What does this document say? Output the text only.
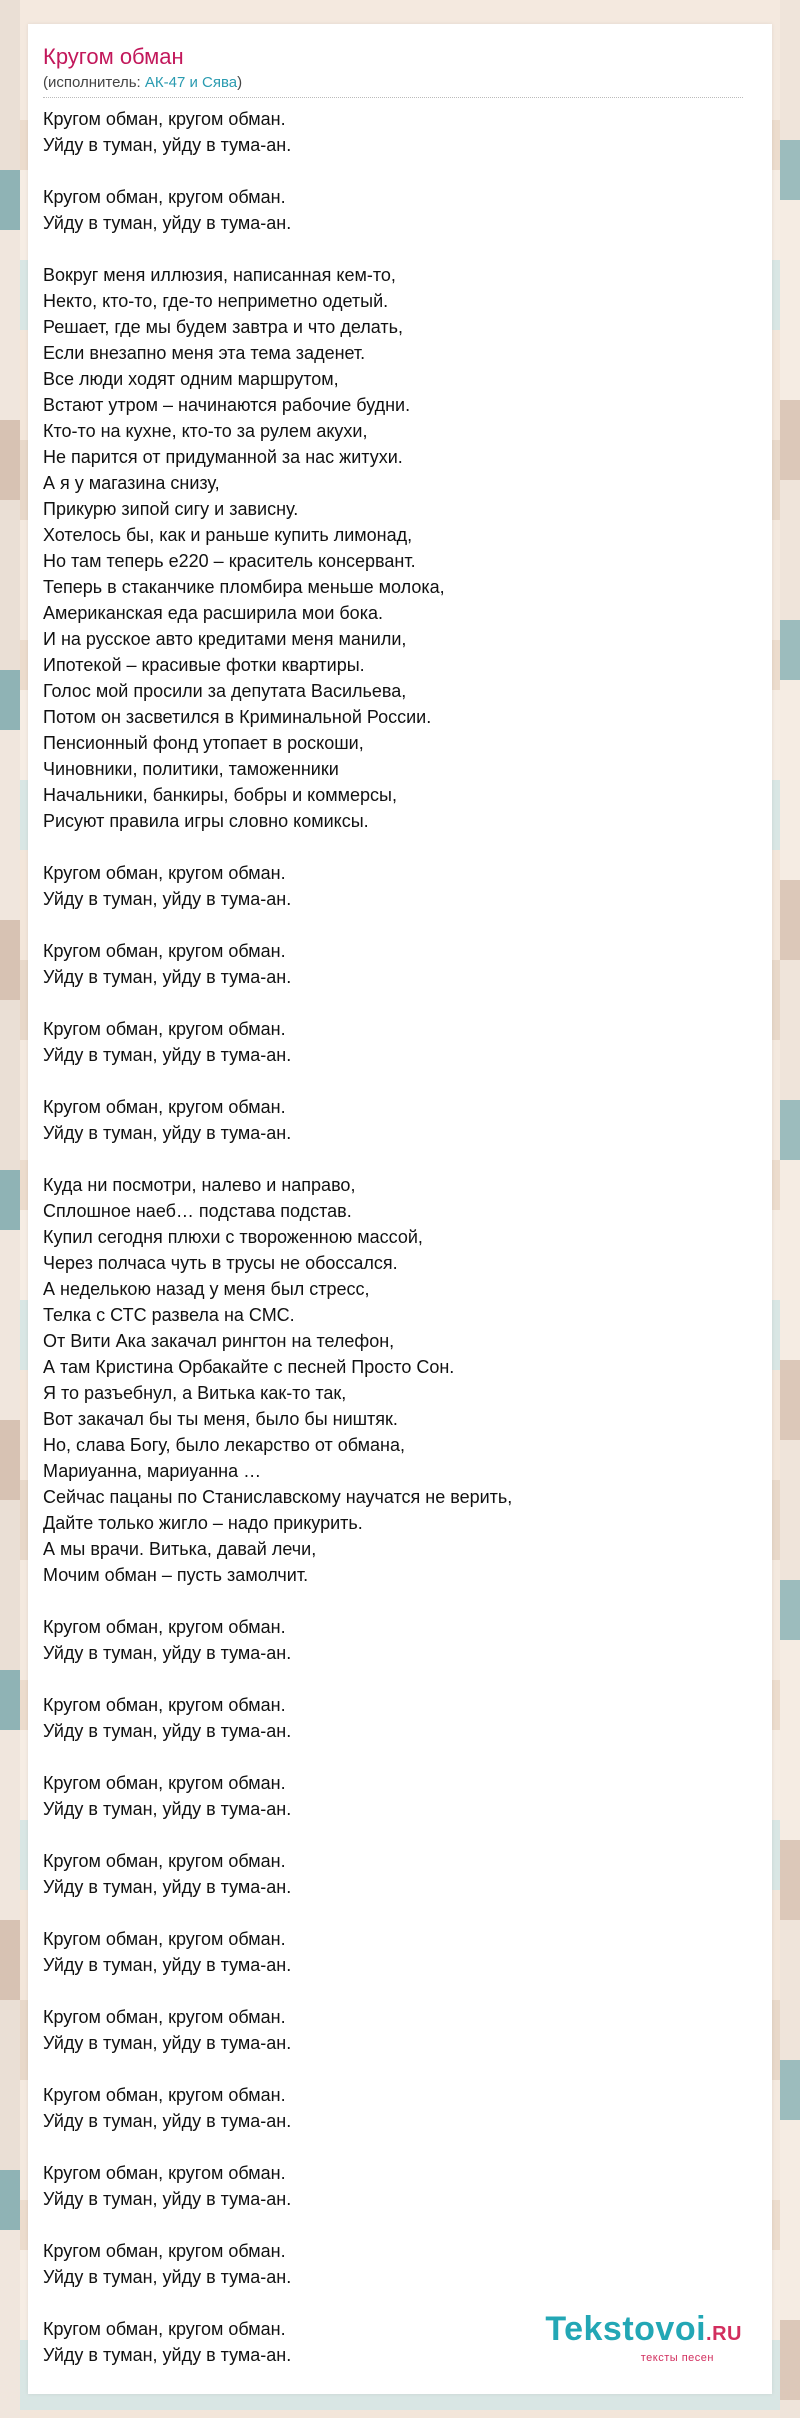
Кругом обман
(исполнитель: АК-47 и Сява)
Кругом обман, кругом обман.
Уйду в туман, уйду в тума-ан.
Кругом обман, кругом обман.
Уйду в туман, уйду в тума-ан.
Вокруг меня иллюзия, написанная кем-то,
Некто, кто-то, где-то неприметно одетый.
Решает, где мы будем завтра и что делать,
Если внезапно меня эта тема заденет.
Все люди ходят одним маршрутом,
Встают утром – начинаются рабочие будни.
Кто-то на кухне, кто-то за рулем акухи,
Не парится от придуманной за нас житухи.
А я у магазина снизу,
Прикурю зипой сигу и зависну.
Хотелось бы, как и раньше купить лимонад,
Но там теперь е220 – краситель консервант.
Теперь в стаканчике пломбира меньше молока,
Американская еда расширила мои бока.
И на русское авто кредитами меня манили,
Ипотекой – красивые фотки квартиры.
Голос мой просили за депутата Васильева,
Потом он засветился в Криминальной России.
Пенсионный фонд утопает в роскоши,
Чиновники, политики, таможенники
Начальники, банкиры, бобры и коммерсы,
Рисуют правила игры словно комиксы.
Кругом обман, кругом обман.
Уйду в туман, уйду в тума-ан.
Кругом обман, кругом обман.
Уйду в туман, уйду в тума-ан.
Кругом обман, кругом обман.
Уйду в туман, уйду в тума-ан.
Кругом обман, кругом обман.
Уйду в туман, уйду в тума-ан.
Куда ни посмотри, налево и направо,
Сплошное наеб… подстава подстав.
Купил сегодня плюхи с твороженною массой,
Через полчаса чуть в трусы не обоссался.
А неделькою назад у меня был стресс,
Телка с СТС развела на СМС.
От Вити Ака закачал рингтон на телефон,
А там Кристина Орбакайте с песней Просто Сон.
Я то разъебнул, а Витька как-то так,
Вот закачал бы ты меня, было бы ништяк.
Но, слава Богу, было лекарство от обмана,
Мариуанна, мариуанна …
Сейчас пацаны по Станиславскому научатся не верить,
Дайте только жигло – надо прикурить.
А мы врачи. Витька, давай лечи,
Мочим обман – пусть замолчит.
Кругом обман, кругом обман.
Уйду в туман, уйду в тума-ан.
Кругом обман, кругом обман.
Уйду в туман, уйду в тума-ан.
Кругом обман, кругом обман.
Уйду в туман, уйду в тума-ан.
Кругом обман, кругом обман.
Уйду в туман, уйду в тума-ан.
Кругом обман, кругом обман.
Уйду в туман, уйду в тума-ан.
Кругом обман, кругом обман.
Уйду в туман, уйду в тума-ан.
Кругом обман, кругом обман.
Уйду в туман, уйду в тума-ан.
Кругом обман, кругом обман.
Уйду в туман, уйду в тума-ан.
Кругом обман, кругом обман.
Уйду в туман, уйду в тума-ан.
Кругом обман, кругом обман.
Уйду в туман, уйду в тума-ан.
Tekstovoi.RU
тексты песен
